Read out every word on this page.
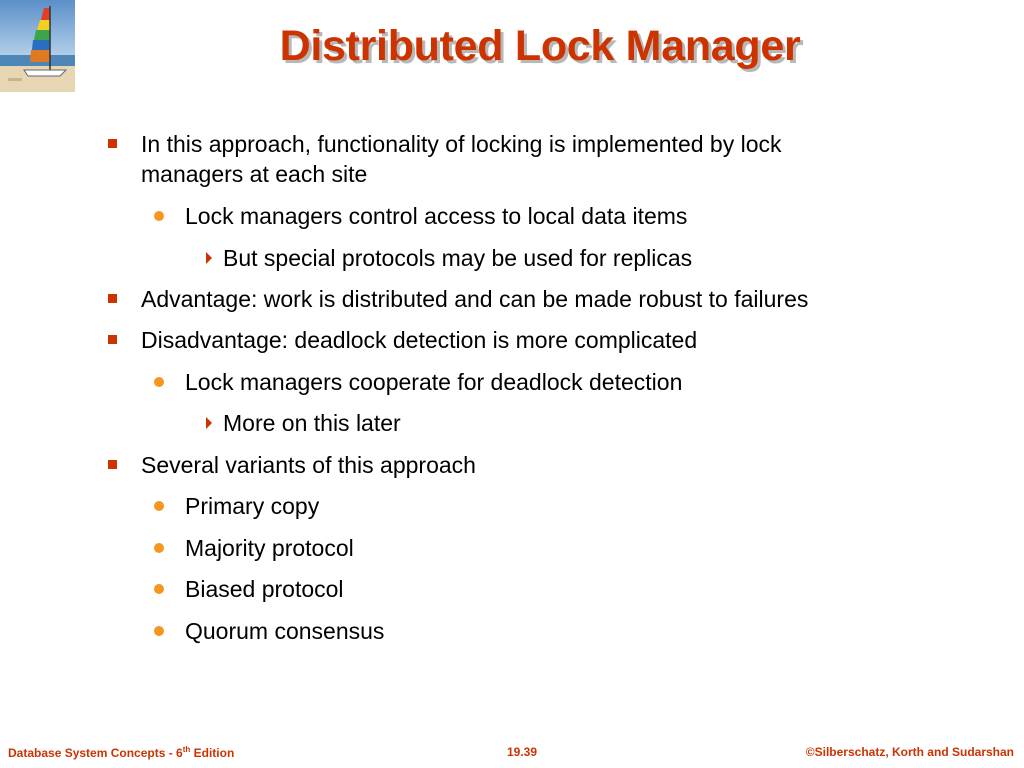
Distributed Lock Manager
In this approach, functionality of locking is implemented by lock
managers at each site
Lock managers control access to local data items
But special protocols may be used for replicas
Advantage: work is distributed and can be made robust to failures
Disadvantage: deadlock detection is more complicated
Lock managers cooperate for deadlock detection
More on this later
Several variants of this approach
Primary copy
Majority protocol
Biased protocol
Quorum consensus
Database System Concepts - 6th Edition	19.39	©Silberschatz, Korth and Sudarshan
